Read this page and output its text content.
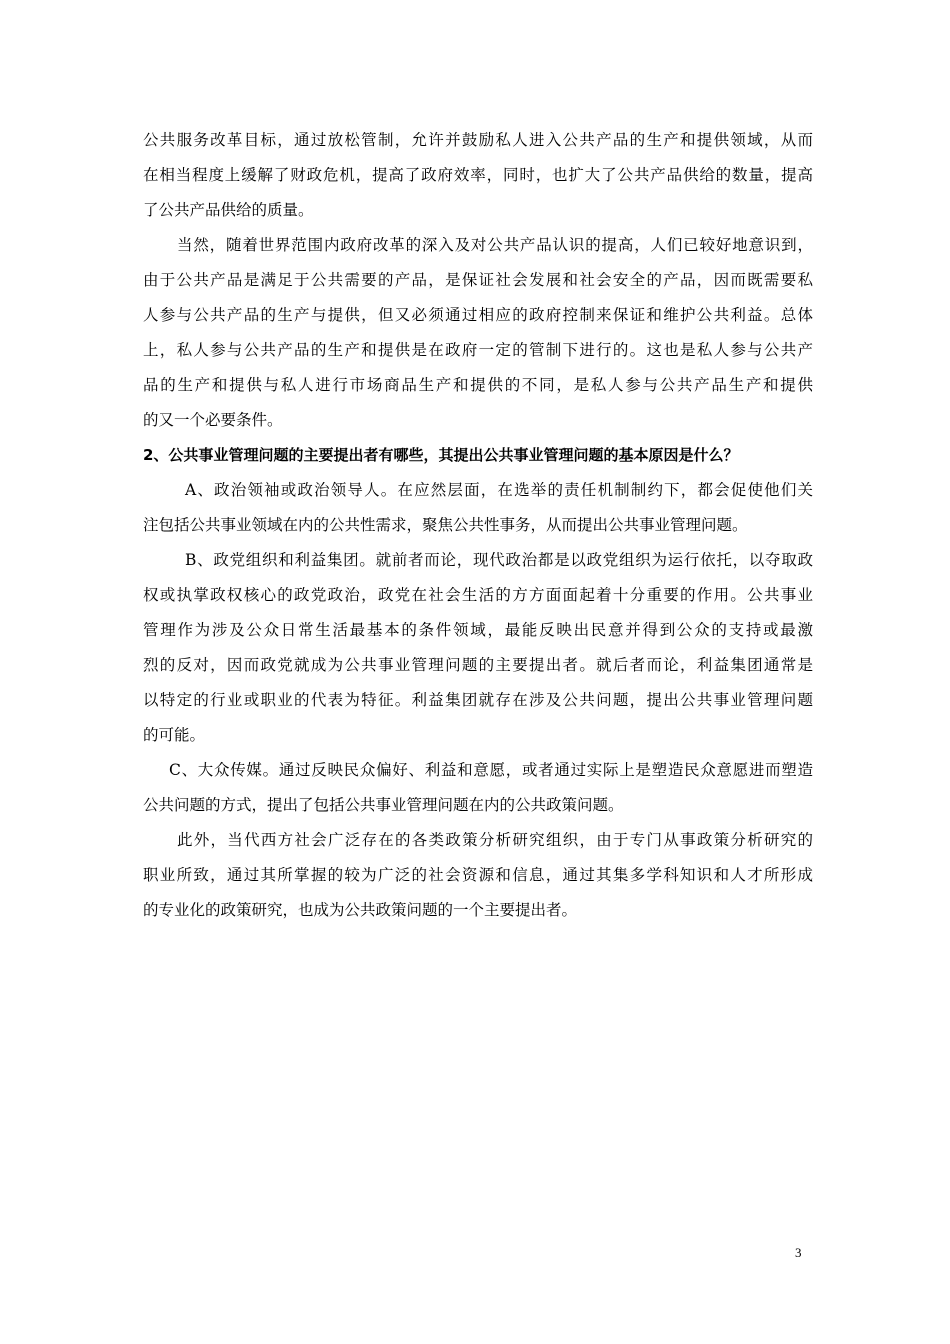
公共服务改革目标，通过放松管制，允许并鼓励私人进入公共产品的生产和提供领域，从而
在相当程度上缓解了财政危机，提高了政府效率，同时，也扩大了公共产品供给的数量，提高
了公共产品供给的质量。
当然，随着世界范围内政府改革的深入及对公共产品认识的提高，人们已较好地意识到，
由于公共产品是满足于公共需要的产品，是保证社会发展和社会安全的产品，因而既需要私
人参与公共产品的生产与提供，但又必须通过相应的政府控制来保证和维护公共利益。总体
上，私人参与公共产品的生产和提供是在政府一定的管制下进行的。这也是私人参与公共产
品的生产和提供与私人进行市场商品生产和提供的不同，是私人参与公共产品生产和提供
的又一个必要条件。
2、公共事业管理问题的主要提出者有哪些，其提出公共事业管理问题的基本原因是什么？
A、政治领袖或政治领导人。在应然层面，在选举的责任机制制约下，都会促使他们关
注包括公共事业领域在内的公共性需求，聚焦公共性事务，从而提出公共事业管理问题。
B、政党组织和利益集团。就前者而论，现代政治都是以政党组织为运行依托，以夺取政
权或执掌政权核心的政党政治，政党在社会生活的方方面面起着十分重要的作用。公共事业
管理作为涉及公众日常生活最基本的条件领域，最能反映出民意并得到公众的支持或最激
烈的反对，因而政党就成为公共事业管理问题的主要提出者。就后者而论，利益集团通常是
以特定的行业或职业的代表为特征。利益集团就存在涉及公共问题，提出公共事业管理问题
的可能。
C、大众传媒。通过反映民众偏好、利益和意愿，或者通过实际上是塑造民众意愿进而塑造
公共问题的方式，提出了包括公共事业管理问题在内的公共政策问题。
此外，当代西方社会广泛存在的各类政策分析研究组织，由于专门从事政策分析研究的
职业所致，通过其所掌握的较为广泛的社会资源和信息，通过其集多学科知识和人才所形成
的专业化的政策研究，也成为公共政策问题的一个主要提出者。
3
